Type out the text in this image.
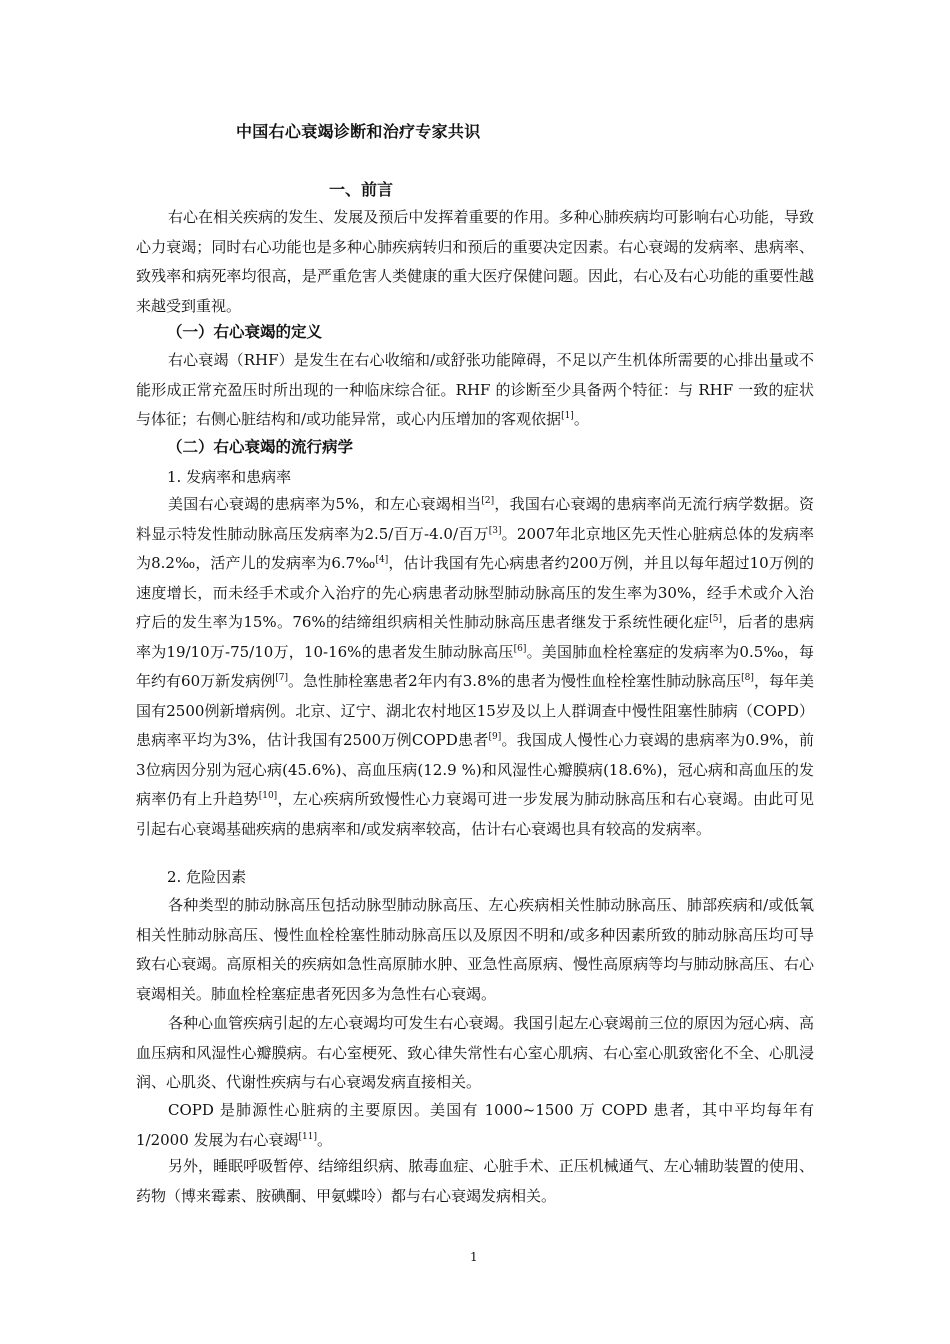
中国右心衰竭诊断和治疗专家共识
一、前言

右心在相关疾病的发生、发展及预后中发挥着重要的作用。多种心肺疾病均可影响右心功能，导致心力衰竭；同时右心功能也是多种心肺疾病转归和预后的重要决定因素。右心衰竭的发病率、患病率、致残率和病死率均很高，是严重危害人类健康的重大医疗保健问题。因此，右心及右心功能的重要性越来越受到重视。

（一）右心衰竭的定义

右心衰竭（RHF）是发生在右心收缩和/或舒张功能障碍，不足以产生机体所需要的心排出量或不能形成正常充盈压时所出现的一种临床综合征。RHF 的诊断至少具备两个特征：与 RHF 一致的症状与体征；右侧心脏结构和/或功能异常，或心内压增加的客观依据[1]。

（二）右心衰竭的流行病学
1. 发病率和患病率

美国右心衰竭的患病率为5%，和左心衰竭相当[2]，我国右心衰竭的患病率尚无流行病学数据。资料显示特发性肺动脉高压发病率为2.5/百万-4.0/百万[3]。2007年北京地区先天性心脏病总体的发病率为8.2‰，活产儿的发病率为6.7‰[4]，估计我国有先心病患者约200万例，并且以每年超过10万例的速度增长，而未经手术或介入治疗的先心病患者动脉型肺动脉高压的发生率为30%，经手术或介入治疗后的发生率为15%。76%的结缔组织病相关性肺动脉高压患者继发于系统性硬化症[5]，后者的患病率为19/10万-75/10万，10-16%的患者发生肺动脉高压[6]。美国肺血栓栓塞症的发病率为0.5‰，每年约有60万新发病例[7]。急性肺栓塞患者2年内有3.8%的患者为慢性血栓栓塞性肺动脉高压[8]，每年美国有2500例新增病例。北京、辽宁、湖北农村地区15岁及以上人群调查中慢性阻塞性肺病（COPD）患病率平均为3%，估计我国有2500万例COPD患者[9]。我国成人慢性心力衰竭的患病率为0.9%，前3位病因分别为冠心病(45.6%)、高血压病(12.9 %)和风湿性心瓣膜病(18.6%)，冠心病和高血压的发病率仍有上升趋势[10]，左心疾病所致慢性心力衰竭可进一步发展为肺动脉高压和右心衰竭。由此可见引起右心衰竭基础疾病的患病率和/或发病率较高，估计右心衰竭也具有较高的发病率。

2. 危险因素

各种类型的肺动脉高压包括动脉型肺动脉高压、左心疾病相关性肺动脉高压、肺部疾病和/或低氧相关性肺动脉高压、慢性血栓栓塞性肺动脉高压以及原因不明和/或多种因素所致的肺动脉高压均可导致右心衰竭。高原相关的疾病如急性高原肺水肿、亚急性高原病、慢性高原病等均与肺动脉高压、右心衰竭相关。肺血栓栓塞症患者死因多为急性右心衰竭。

各种心血管疾病引起的左心衰竭均可发生右心衰竭。我国引起左心衰竭前三位的原因为冠心病、高血压病和风湿性心瓣膜病。右心室梗死、致心律失常性右心室心肌病、右心室心肌致密化不全、心肌浸润、心肌炎、代谢性疾病与右心衰竭发病直接相关。

COPD 是肺源性心脏病的主要原因。美国有 1000~1500 万 COPD 患者，其中平均每年有 1/2000 发展为右心衰竭[11]。

另外，睡眠呼吸暂停、结缔组织病、脓毒血症、心脏手术、正压机械通气、左心辅助装置的使用、药物（博来霉素、胺碘酮、甲氨蝶呤）都与右心衰竭发病相关。

1
